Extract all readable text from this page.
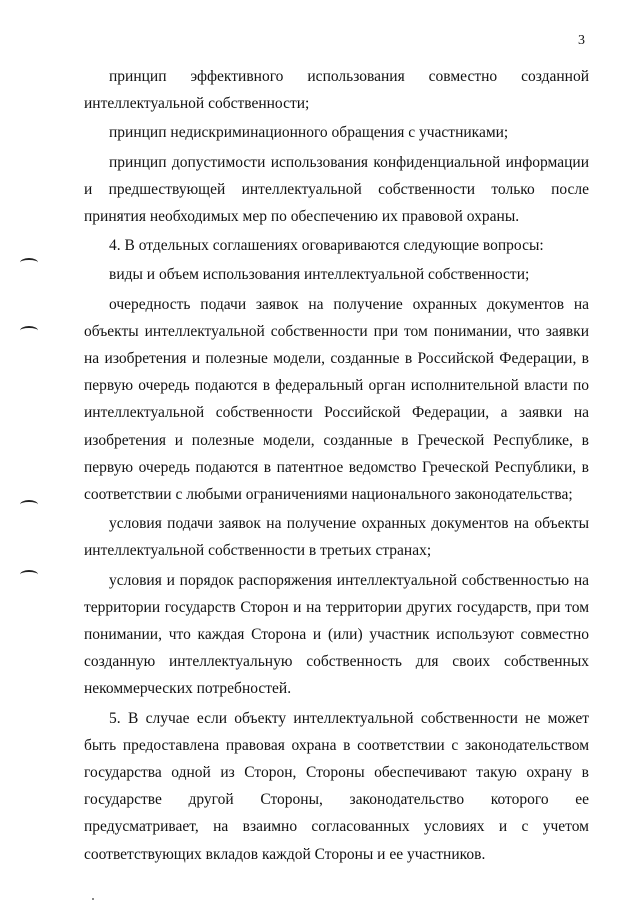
3

принцип эффективного использования совместно созданной интеллектуальной собственности;

принцип недискриминационного обращения с участниками;

принцип допустимости использования конфиденциальной информации и предшествующей интеллектуальной собственности только после принятия необходимых мер по обеспечению их правовой охраны.

4. В отдельных соглашениях оговариваются следующие вопросы:

виды и объем использования интеллектуальной собственности;

очередность подачи заявок на получение охранных документов на объекты интеллектуальной собственности при том понимании, что заявки на изобретения и полезные модели, созданные в Российской Федерации, в первую очередь подаются в федеральный орган исполнительной власти по интеллектуальной собственности Российской Федерации, а заявки на изобретения и полезные модели, созданные в Греческой Республике, в первую очередь подаются в патентное ведомство Греческой Республики, в соответствии с любыми ограничениями национального законодательства;

условия подачи заявок на получение охранных документов на объекты интеллектуальной собственности в третьих странах;

условия и порядок распоряжения интеллектуальной собственностью на территории государств Сторон и на территории других государств, при том понимании, что каждая Сторона и (или) участник используют совместно созданную интеллектуальную собственность для своих собственных некоммерческих потребностей.

5. В случае если объекту интеллектуальной собственности не может быть предоставлена правовая охрана в соответствии с законодательством государства одной из Сторон, Стороны обеспечивают такую охрану в государстве другой Стороны, законодательство которого ее предусматривает, на взаимно согласованных условиях и с учетом соответствующих вкладов каждой Стороны и ее участников.
